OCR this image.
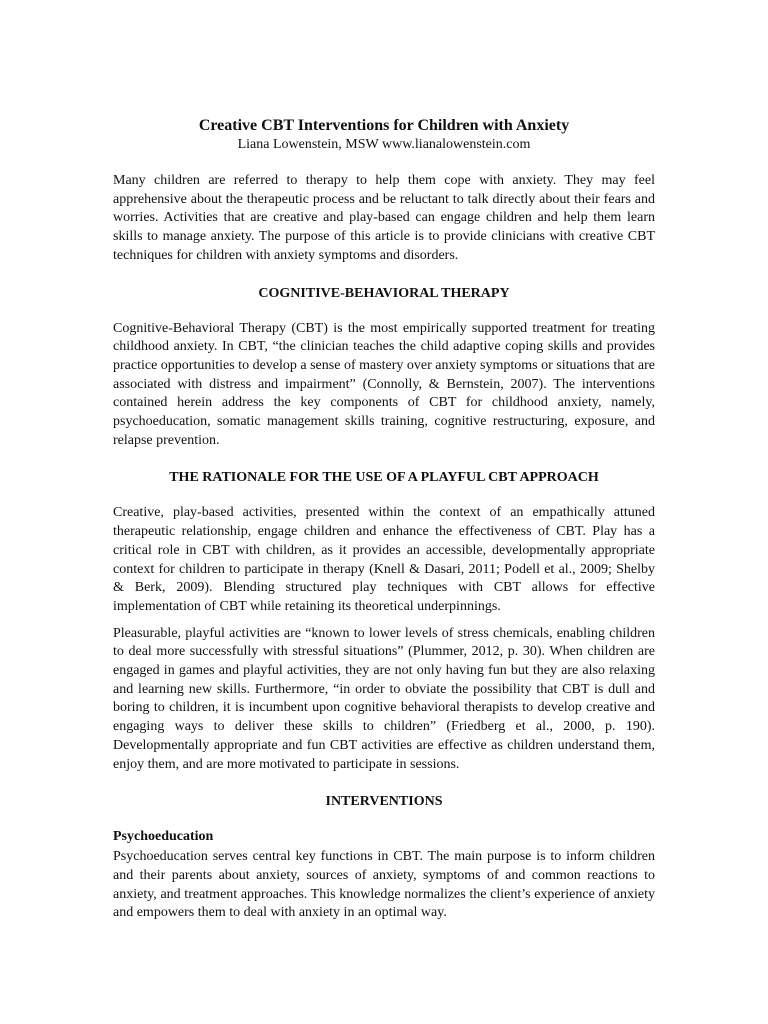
Creative CBT Interventions for Children with Anxiety
Liana Lowenstein, MSW www.lianalowenstein.com

Many children are referred to therapy to help them cope with anxiety. They may feel apprehensive about the therapeutic process and be reluctant to talk directly about their fears and worries. Activities that are creative and play-based can engage children and help them learn skills to manage anxiety. The purpose of this article is to provide clinicians with creative CBT techniques for children with anxiety symptoms and disorders.

COGNITIVE-BEHAVIORAL THERAPY

Cognitive-Behavioral Therapy (CBT) is the most empirically supported treatment for treating childhood anxiety. In CBT, “the clinician teaches the child adaptive coping skills and provides practice opportunities to develop a sense of mastery over anxiety symptoms or situations that are associated with distress and impairment” (Connolly, & Bernstein, 2007). The interventions contained herein address the key components of CBT for childhood anxiety, namely, psychoeducation, somatic management skills training, cognitive restructuring, exposure, and relapse prevention.

THE RATIONALE FOR THE USE OF A PLAYFUL CBT APPROACH

Creative, play-based activities, presented within the context of an empathically attuned therapeutic relationship, engage children and enhance the effectiveness of CBT. Play has a critical role in CBT with children, as it provides an accessible, developmentally appropriate context for children to participate in therapy (Knell & Dasari, 2011; Podell et al., 2009; Shelby & Berk, 2009). Blending structured play techniques with CBT allows for effective implementation of CBT while retaining its theoretical underpinnings.

Pleasurable, playful activities are “known to lower levels of stress chemicals, enabling children to deal more successfully with stressful situations” (Plummer, 2012, p. 30). When children are engaged in games and playful activities, they are not only having fun but they are also relaxing and learning new skills. Furthermore, “in order to obviate the possibility that CBT is dull and boring to children, it is incumbent upon cognitive behavioral therapists to develop creative and engaging ways to deliver these skills to children” (Friedberg et al., 2000, p. 190). Developmentally appropriate and fun CBT activities are effective as children understand them, enjoy them, and are more motivated to participate in sessions.

INTERVENTIONS
Psychoeducation

Psychoeducation serves central key functions in CBT. The main purpose is to inform children and their parents about anxiety, sources of anxiety, symptoms of and common reactions to anxiety, and treatment approaches. This knowledge normalizes the client’s experience of anxiety and empowers them to deal with anxiety in an optimal way.
